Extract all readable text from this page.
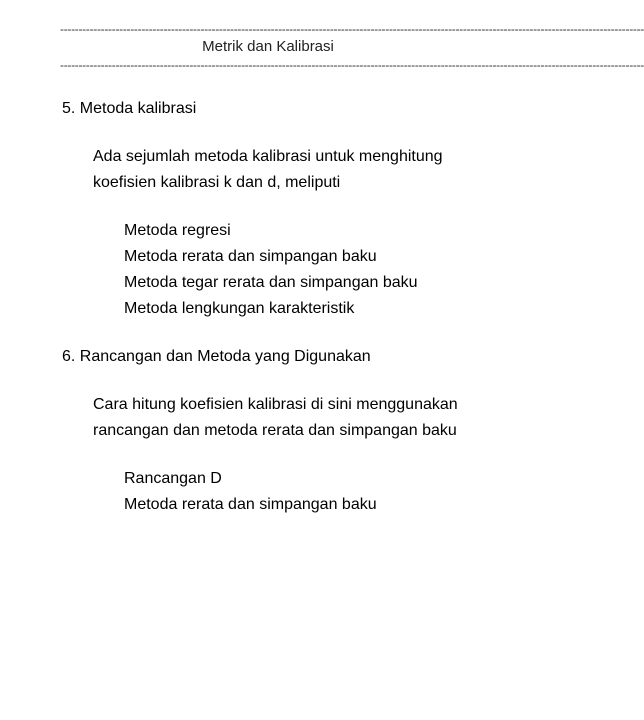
--------------------------------------------------------------------------------------------------------------------------------------------------------------
Metrik dan Kalibrasi
--------------------------------------------------------------------------------------------------------------------------------------------------------------
5. Metoda kalibrasi

Ada sejumlah metoda kalibrasi untuk menghitung
koefisien kalibrasi k dan d, meliputi

Metoda regresi
Metoda rerata dan simpangan baku
Metoda tegar rerata dan simpangan baku
Metoda lengkungan karakteristik
6. Rancangan dan Metoda yang Digunakan

Cara hitung koefisien kalibrasi di sini menggunakan
rancangan dan metoda rerata dan simpangan baku

Rancangan D
Metoda rerata dan simpangan baku
